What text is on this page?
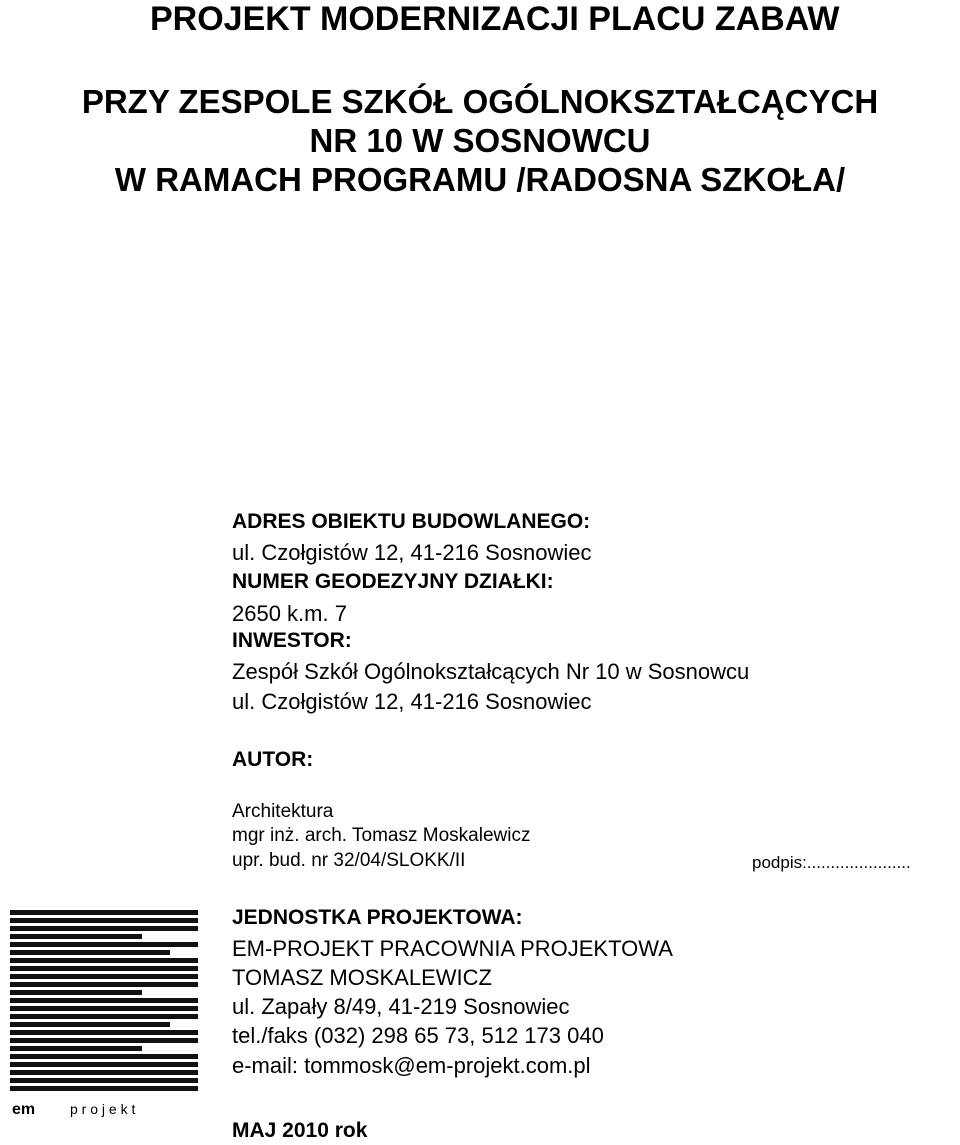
PROJEKT MODERNIZACJI PLACU ZABAW
PRZY ZESPOLE SZKÓŁ OGÓLNOKSZTAŁCĄCYCH
NR 10 W SOSNOWCU
W RAMACH PROGRAMU /RADOSNA SZKOŁA/
ADRES OBIEKTU BUDOWLANEGO:
ul. Czołgistów 12, 41-216 Sosnowiec
NUMER GEODEZYJNY DZIAŁKI:
2650 k.m. 7
INWESTOR:
Zespół Szkół Ogólnokształcących Nr 10 w Sosnowcu
ul. Czołgistów 12, 41-216 Sosnowiec
AUTOR:
Architektura
mgr inż. arch. Tomasz Moskalewicz
upr. bud. nr 32/04/SLOKK/II	podpis:......................
em p r o j e k t
JEDNOSTKA PROJEKTOWA:
EM-PROJEKT PRACOWNIA PROJEKTOWA
TOMASZ MOSKALEWICZ
ul. Zapały 8/49, 41-219 Sosnowiec
tel./faks (032) 298 65 73, 512 173 040
e-mail: tommosk@em-projekt.com.pl
MAJ 2010 rok
